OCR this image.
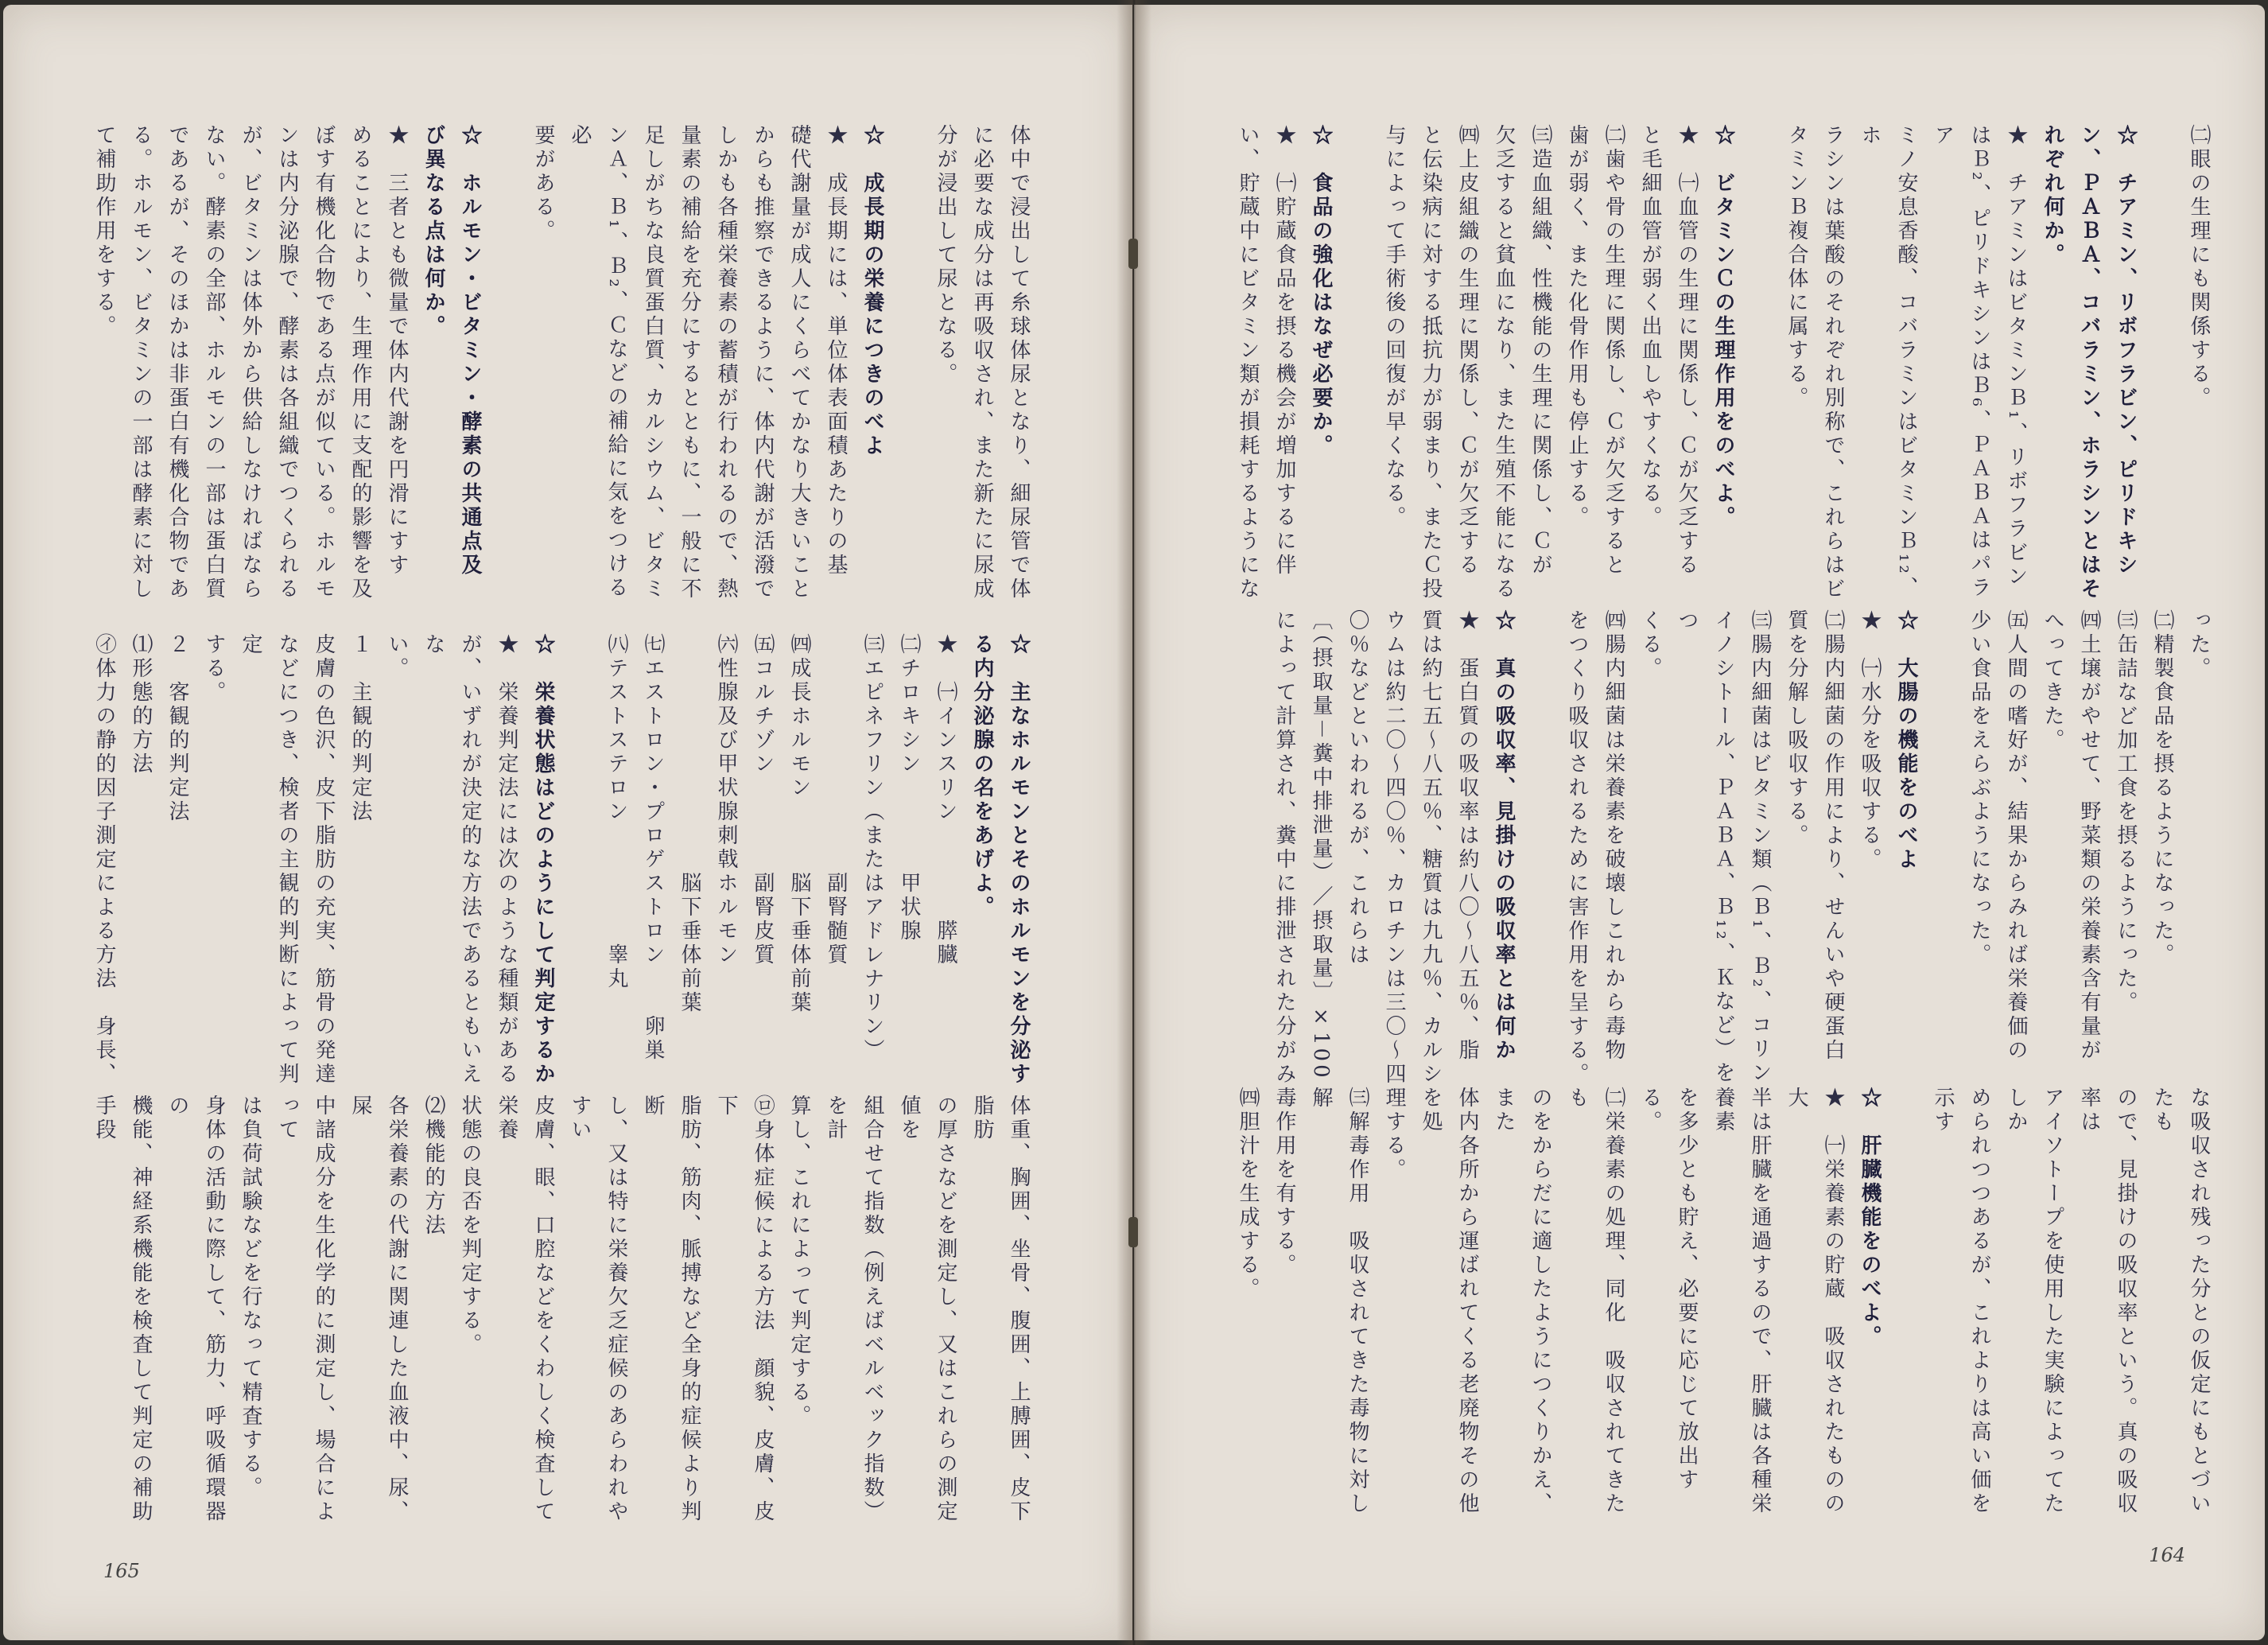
体中で浸出して糸球体尿となり、細尿管で体
に必要な成分は再吸収され、また新たに尿成
分が浸出して尿となる。

☆　成長期の栄養につきのべよ
★　成長期には、単位体表面積あたりの基
礎代謝量が成人にくらべてかなり大きいこと
からも推察できるように、体内代謝が活潑で
しかも各種栄養素の蓄積が行われるので、熱
量素の補給を充分にするとともに、一般に不
足しがちな良質蛋白質、カルシウム、ビタミ
ンＡ、Ｂ₁、Ｂ₂、Ｃなどの補給に気をつける必
要がある。

☆　ホルモン・ビタミン・酵素の共通点及
び異なる点は何か。
★　三者とも微量で体内代謝を円滑にすす
めることにより、生理作用に支配的影響を及
ぼす有機化合物である点が似ている。ホルモ
ンは内分泌腺で、酵素は各組織でつくられる
が、ビタミンは体外から供給しなければなら
ない。酵素の全部、ホルモンの一部は蛋白質
であるが、そのほかは非蛋白有機化合物であ
る。ホルモン、ビタミンの一部は酵素に対し
て補助作用をする。
☆　主なホルモンとそのホルモンを分泌す
る内分泌腺の名をあげよ。
★　㈠インスリン　　　　膵臓
㈡チロキシン　　　　甲状腺
㈢エピネフリン（またはアドレナリン）
　　　　　　　　　　副腎髄質
㈣成長ホルモン　　　脳下垂体前葉
㈤コルチゾン　　　　副腎皮質
㈥性腺及び甲状腺刺戟ホルモン
　　　　　　　　　　脳下垂体前葉
㈦エストロン・プロゲストロン　　卵巣
㈧テストステロン　　　　　睾丸

☆　栄養状態はどのようにして判定するか
★　栄養判定法には次のような種類がある
が、いずれが決定的な方法であるともいえな
い。
１　主観的判定法
皮膚の色沢、皮下脂肪の充実、筋骨の発達
などにつき、検者の主観的判断によって判定
する。
２　客観的判定法
⑴形態的方法
㋑体力の静的因子測定による方法　身長、
体重、胸囲、坐骨、腹囲、上膊囲、皮下脂肪
の厚さなどを測定し、又はこれらの測定値を
組合せて指数（例えばベルベック指数）を計
算し、これによって判定する。
㋺身体症候による方法　顔貌、皮膚、皮下
脂肪、筋肉、脈搏など全身的症候より判断
し、又は特に栄養欠乏症候のあらわれやすい
皮膚、眼、口腔などをくわしく検査して栄養
状態の良否を判定する。
⑵機能的方法
各栄養素の代謝に関連した血液中、尿、屎
中諸成分を生化学的に測定し、場合によって
は負荷試験などを行なって精査する。
身体の活動に際して、筋力、呼吸循環器の
機能、神経系機能を検査して判定の補助手段
165
㈡眼の生理にも関係する。

☆　チアミン、リボフラビン、ピリドキシ
ン、ＰＡＢＡ、コバラミン、ホラシンとはそ
れぞれ何か。
★　チアミンはビタミンＢ₁、リボフラビン
はＢ₂、ピリドキシンはＢ₆、ＰＡＢＡはパラア
ミノ安息香酸、コバラミンはビタミンＢ₁₂、ホ
ラシンは葉酸のそれぞれ別称で、これらはビ
タミンＢ複合体に属する。

☆　ビタミンＣの生理作用をのべよ。
★　㈠血管の生理に関係し、Ｃが欠乏する
と毛細血管が弱く出血しやすくなる。
㈡歯や骨の生理に関係し、Ｃが欠乏すると
歯が弱く、また化骨作用も停止する。
㈢造血組織、性機能の生理に関係し、Ｃが
欠乏すると貧血になり、また生殖不能になる
㈣上皮組織の生理に関係し、Ｃが欠乏する
と伝染病に対する抵抗力が弱まり、またＣ投
与によって手術後の回復が早くなる。

☆　食品の強化はなぜ必要か。
★　㈠貯蔵食品を摂る機会が増加するに伴
い、貯蔵中にビタミン類が損耗するようにな
った。
㈡精製食品を摂るようになった。
㈢缶詰など加工食を摂るようにった。
㈣土壌がやせて、野菜類の栄養素含有量が
へってきた。
㈤人間の嗜好が、結果からみれば栄養価の
少い食品をえらぶようになった。

☆　大腸の機能をのべよ
★　㈠水分を吸収する。
㈡腸内細菌の作用により、せんいや硬蛋白
質を分解し吸収する。
㈢腸内細菌はビタミン類（Ｂ₁、Ｂ₂、コリン
イノシトール、ＰＡＢＡ、Ｂ₁₂、Ｋなど）をつ
くる。
㈣腸内細菌は栄養素を破壊しこれから毒物
をつくり吸収されるために害作用を呈する。

☆　真の吸収率、見掛けの吸収率とは何か
★　蛋白質の吸収率は約八〇～八五％、脂
質は約七五～八五％、糖質は九九％、カルシ
ウムは約二〇～四〇％、カロチンは三〇～四
〇％などといわれるが、これらは
〔（摂取量－糞中排泄量）／摂取量〕×100
によって計算され、糞中に排泄された分がみ
な吸収され残った分との仮定にもとづいたも
ので、見掛けの吸収率という。真の吸収率は
アイソトープを使用した実験によってたしか
められつつあるが、これよりは高い価を示す

☆　肝臓機能をのべよ。
★　㈠栄養素の貯蔵　吸収されたものの大
半は肝臓を通過するので、肝臓は各種栄養素
を多少とも貯え、必要に応じて放出する。
㈡栄養素の処理、同化　吸収されてきたも
のをからだに適したようにつくりかえ、また
体内各所から運ばれてくる老廃物その他を処
理する。
㈢解毒作用　吸収されてきた毒物に対し解
毒作用を有する。
㈣胆汁を生成する。

164
